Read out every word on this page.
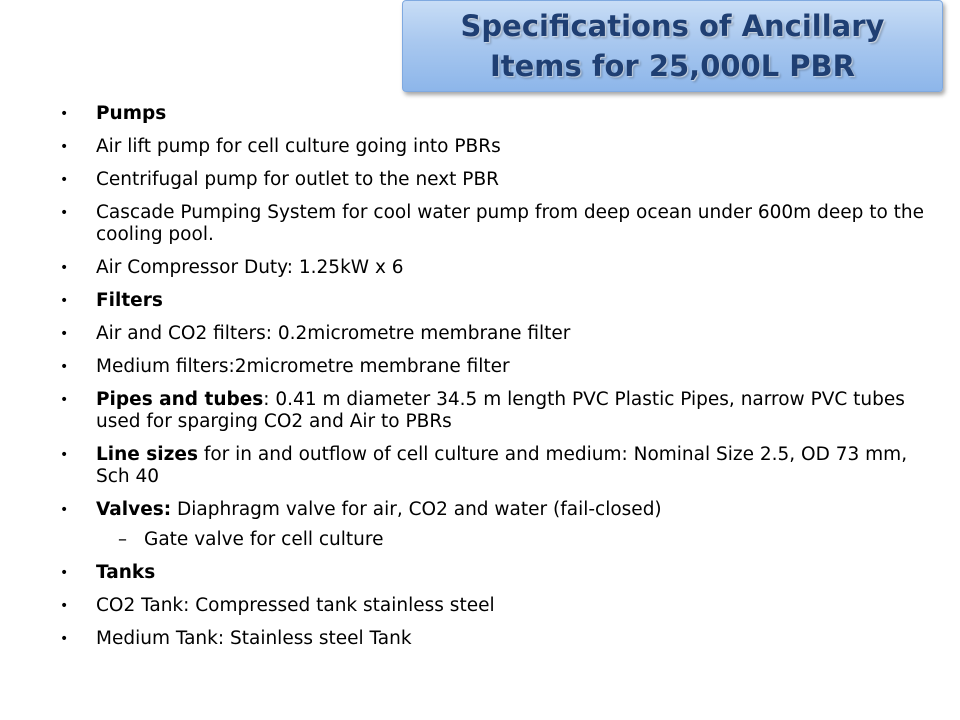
Specifications of Ancillary
Items for 25,000L PBR
•	Pumps
•	Air lift pump for cell culture going into PBRs
•	Centrifugal pump for outlet to the next PBR
•	Cascade Pumping System for cool water pump from deep ocean under 600m deep to the cooling pool.
•	Air Compressor Duty: 1.25kW x 6
•	Filters
•	Air and CO2 filters: 0.2micrometre membrane filter
•	Medium filters:2micrometre membrane filter
•	Pipes and tubes: 0.41 m diameter 34.5 m length PVC Plastic Pipes, narrow PVC tubes used for sparging CO2 and Air to PBRs
•	Line sizes for in and outflow of cell culture and medium: Nominal Size 2.5, OD 73 mm, Sch 40
•	Valves: Diaphragm valve for air, CO2 and water (fail-closed)
– Gate valve for cell culture
•	Tanks
•	CO2 Tank: Compressed tank stainless steel
•	Medium Tank: Stainless steel Tank
